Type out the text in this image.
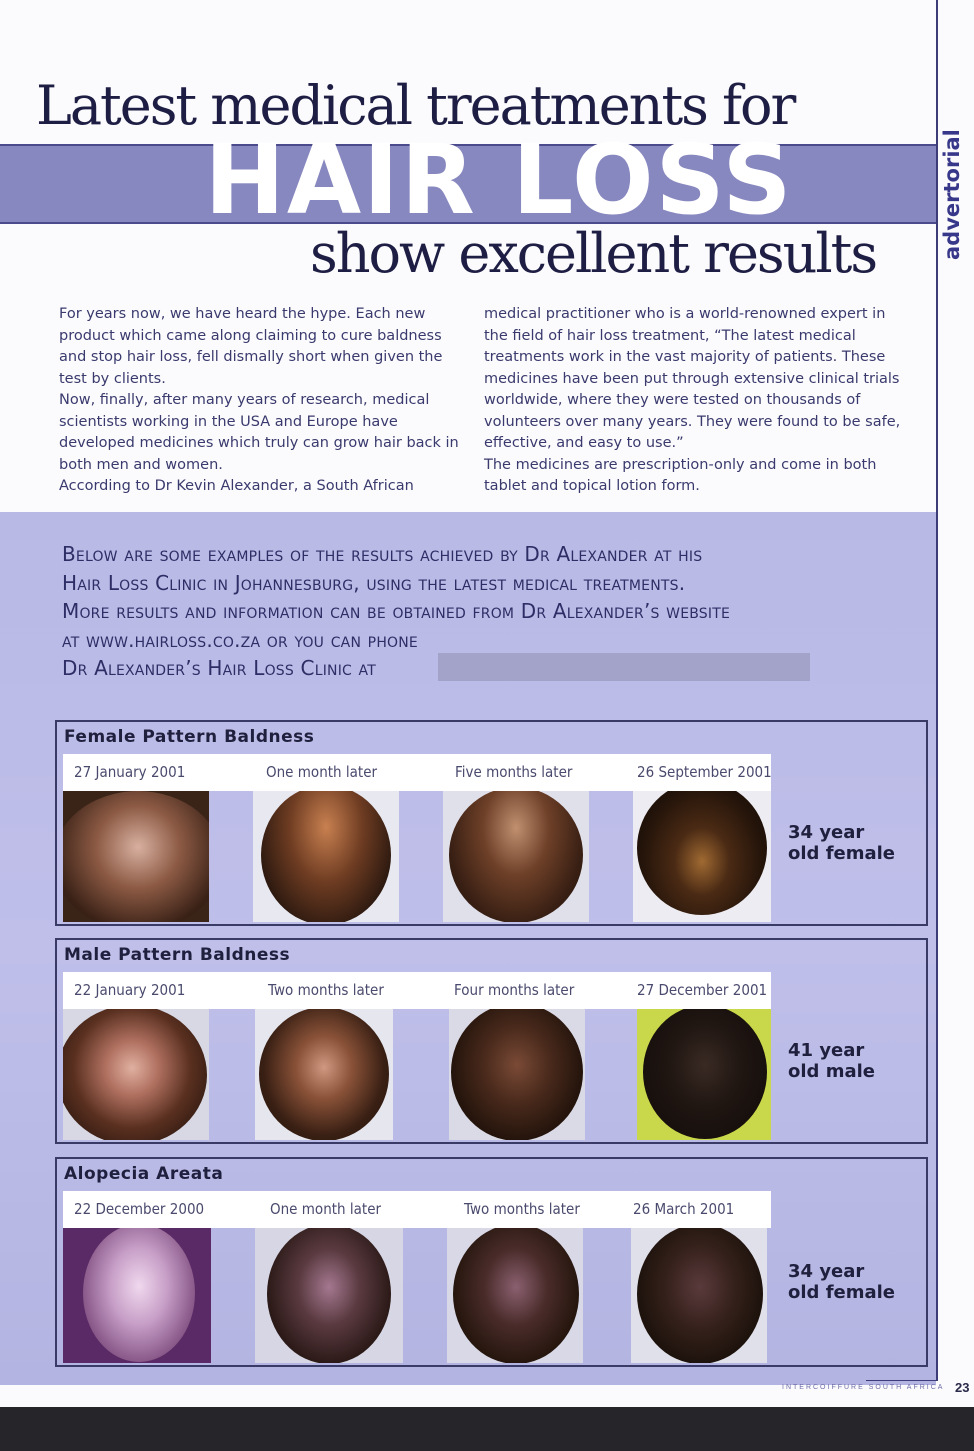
Latest medical treatments for
HAIR LOSS
show excellent results	advertorial

For years now, we have heard the hype. Each new product which came along claiming to cure baldness and stop hair loss, fell dismally short when given the test by clients.

Now, finally, after many years of research, medical scientists working in the USA and Europe have developed medicines which truly can grow hair back in both men and women.

According to Dr Kevin Alexander, a South African

medical practitioner who is a world-renowned expert in the field of hair loss treatment, “The latest medical treatments work in the vast majority of patients. These medicines have been put through extensive clinical trials worldwide, where they were tested on thousands of volunteers over many years. They were found to be safe, effective, and easy to use.”

The medicines are prescription-only and come in both tablet and topical lotion form.

Below are some examples of the results achieved by Dr Alexander at his

Hair Loss Clinic in Johannesburg, using the latest medical treatments.

More results and information can be obtained from Dr Alexander’s website

at www.hairloss.co.za or you can phone

Dr Alexander’s Hair Loss Clinic at

Female Pattern Baldness
27 January 2001	One month later	Five months later	26 September 2001
34 year
old female
Male Pattern Baldness
22 January 2001	Two months later	Four months later	27 December 2001
41 year
old male
Alopecia Areata
22 December 2000	One month later	Two months later	26 March 2001
34 year
old female
INTERCOIFFURE SOUTH AFRICA 23
